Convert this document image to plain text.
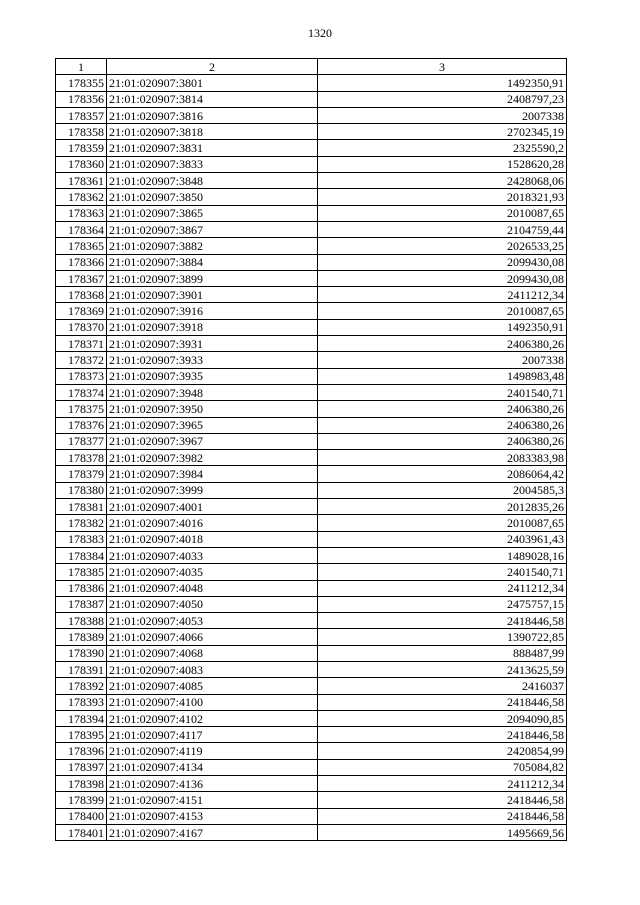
1320
1	2	3
178355	21:01:020907:3801	1492350,91
178356	21:01:020907:3814	2408797,23
178357	21:01:020907:3816	2007338
178358	21:01:020907:3818	2702345,19
178359	21:01:020907:3831	2325590,2
178360	21:01:020907:3833	1528620,28
178361	21:01:020907:3848	2428068,06
178362	21:01:020907:3850	2018321,93
178363	21:01:020907:3865	2010087,65
178364	21:01:020907:3867	2104759,44
178365	21:01:020907:3882	2026533,25
178366	21:01:020907:3884	2099430,08
178367	21:01:020907:3899	2099430,08
178368	21:01:020907:3901	2411212,34
178369	21:01:020907:3916	2010087,65
178370	21:01:020907:3918	1492350,91
178371	21:01:020907:3931	2406380,26
178372	21:01:020907:3933	2007338
178373	21:01:020907:3935	1498983,48
178374	21:01:020907:3948	2401540,71
178375	21:01:020907:3950	2406380,26
178376	21:01:020907:3965	2406380,26
178377	21:01:020907:3967	2406380,26
178378	21:01:020907:3982	2083383,98
178379	21:01:020907:3984	2086064,42
178380	21:01:020907:3999	2004585,3
178381	21:01:020907:4001	2012835,26
178382	21:01:020907:4016	2010087,65
178383	21:01:020907:4018	2403961,43
178384	21:01:020907:4033	1489028,16
178385	21:01:020907:4035	2401540,71
178386	21:01:020907:4048	2411212,34
178387	21:01:020907:4050	2475757,15
178388	21:01:020907:4053	2418446,58
178389	21:01:020907:4066	1390722,85
178390	21:01:020907:4068	888487,99
178391	21:01:020907:4083	2413625,59
178392	21:01:020907:4085	2416037
178393	21:01:020907:4100	2418446,58
178394	21:01:020907:4102	2094090,85
178395	21:01:020907:4117	2418446,58
178396	21:01:020907:4119	2420854,99
178397	21:01:020907:4134	705084,82
178398	21:01:020907:4136	2411212,34
178399	21:01:020907:4151	2418446,58
178400	21:01:020907:4153	2418446,58
178401	21:01:020907:4167	1495669,56
